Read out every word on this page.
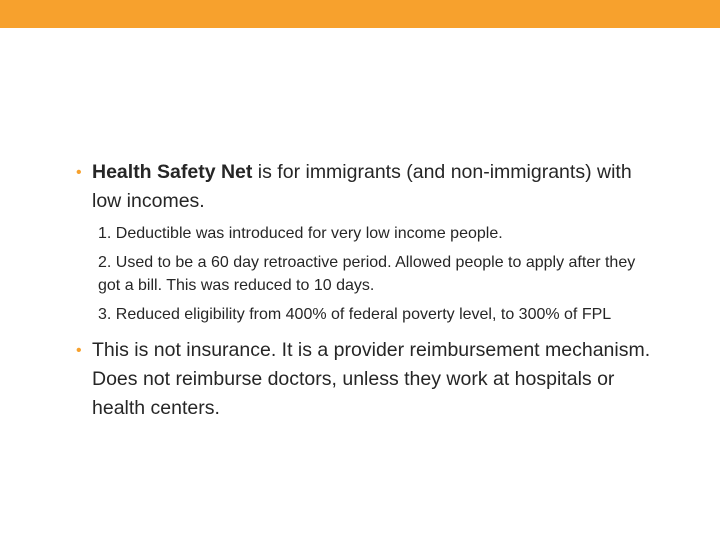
• Health Safety Net is for immigrants (and non-immigrants) with low incomes.
1. Deductible was introduced for very low income people.
2. Used to be a 60 day retroactive period. Allowed people to apply after they got a bill. This was reduced to 10 days.
3. Reduced eligibility from 400% of federal poverty level, to 300% of FPL
• This is not insurance. It is a provider reimbursement mechanism. Does not reimburse doctors, unless they work at hospitals or health centers.
